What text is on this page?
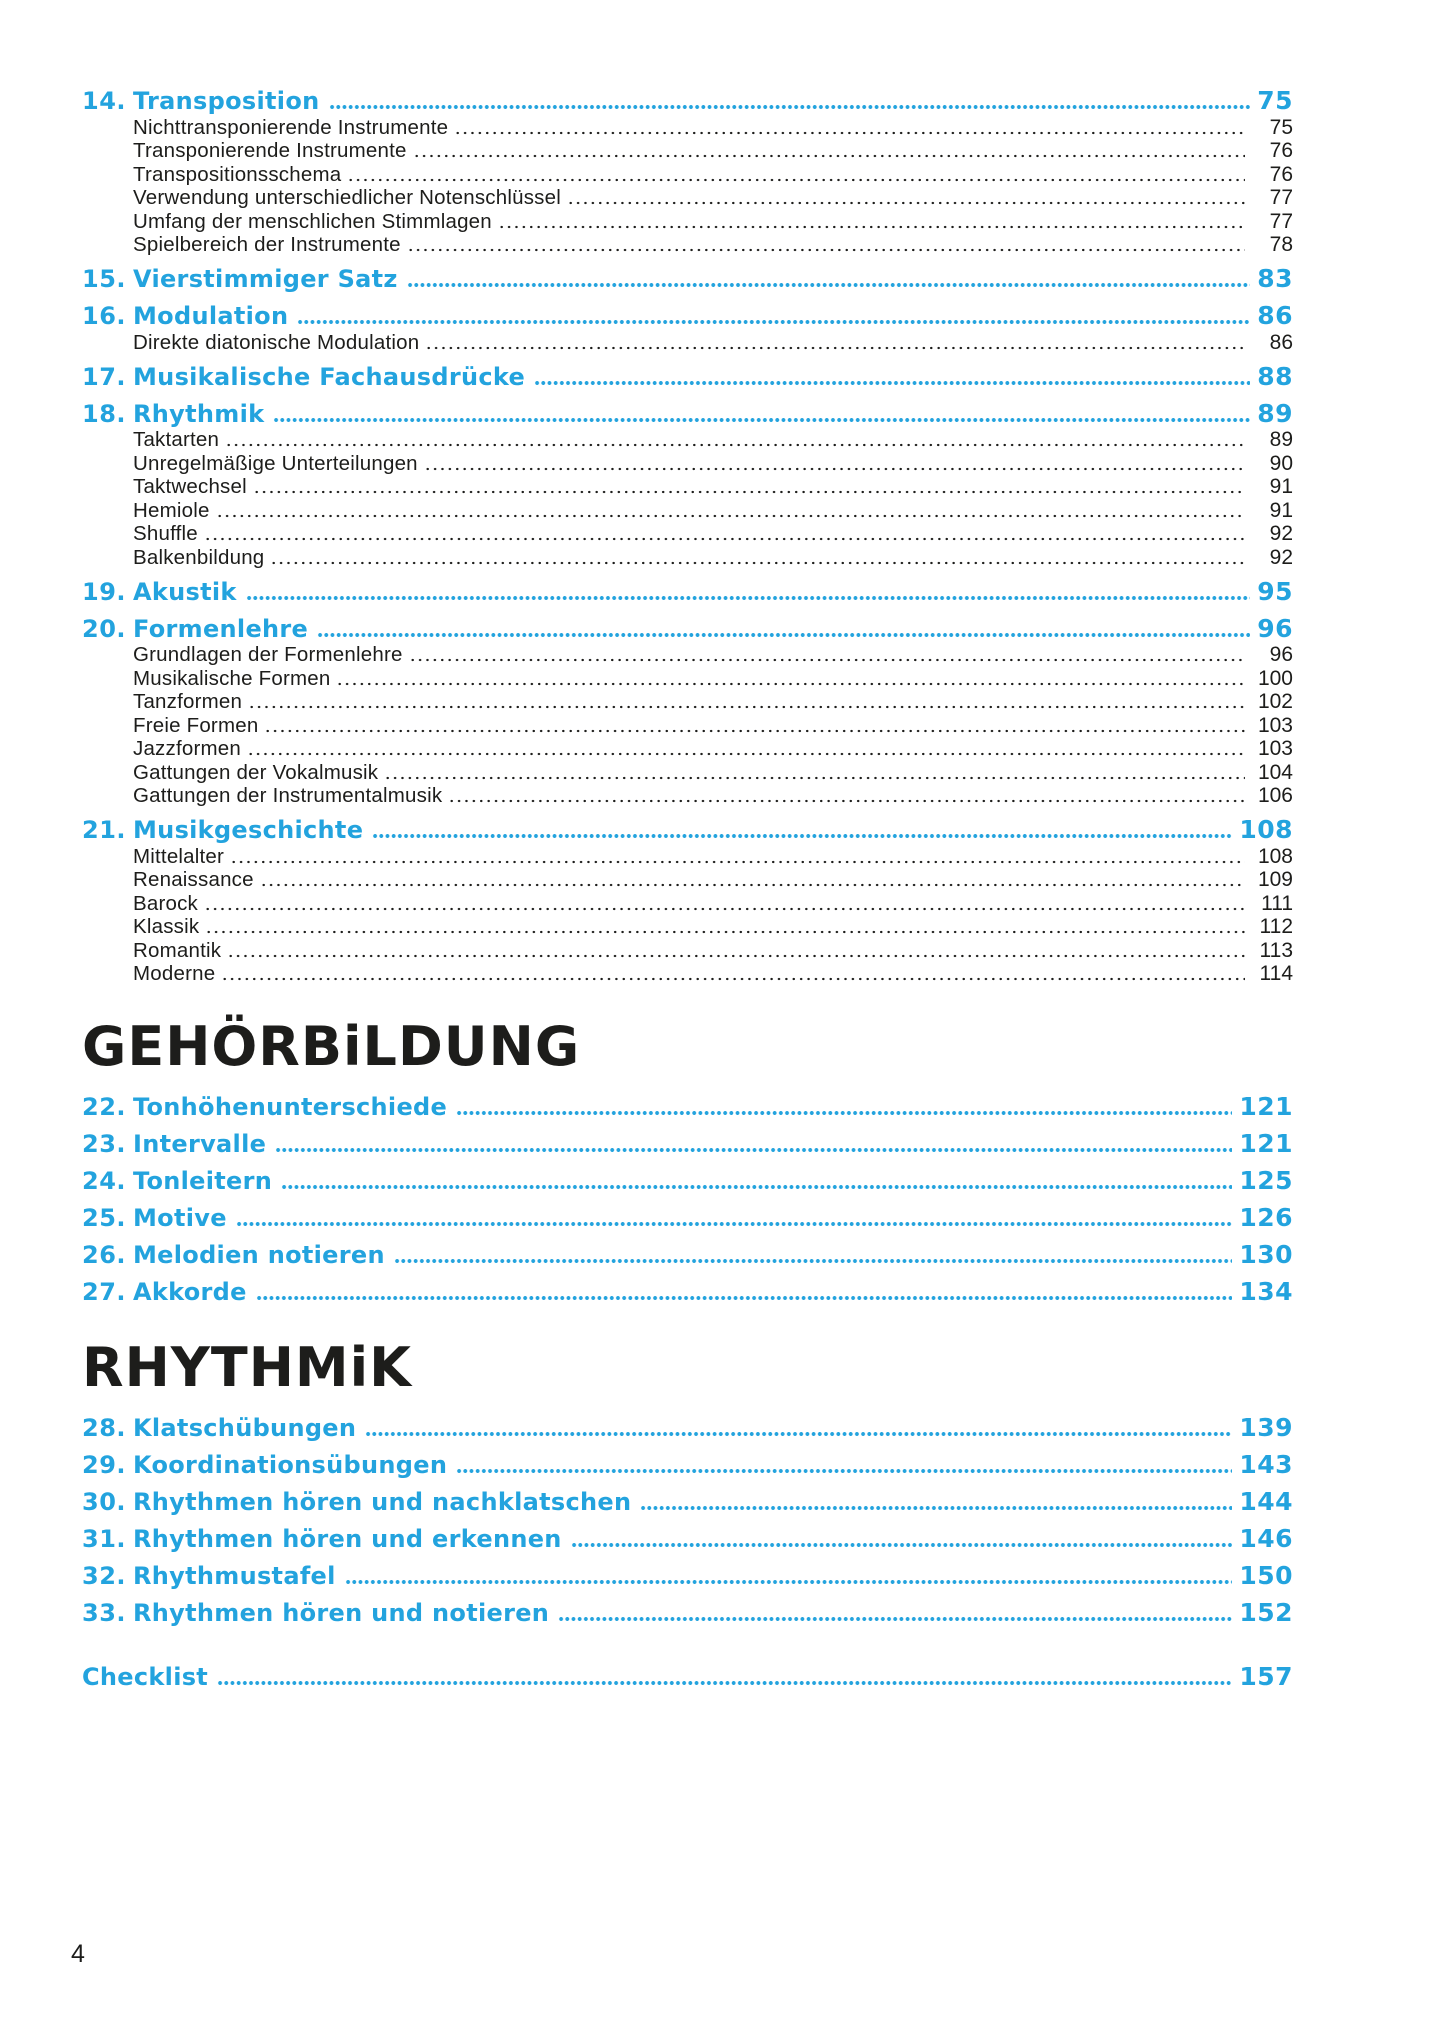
14. Transposition	75
Nichttransponierende Instrumente	75
Transponierende Instrumente	76
Transpositionsschema	76
Verwendung unterschiedlicher Notenschlüssel	77
Umfang der menschlichen Stimmlagen	77
Spielbereich der Instrumente	78
15. Vierstimmiger Satz	83
16. Modulation	86
Direkte diatonische Modulation	86
17. Musikalische Fachausdrücke	88
18. Rhythmik	89
Taktarten	89
Unregelmäßige Unterteilungen	90
Taktwechsel	91
Hemiole	91
Shuffle	92
Balkenbildung	92
19. Akustik	95
20. Formenlehre	96
Grundlagen der Formenlehre	96
Musikalische Formen	100
Tanzformen	102
Freie Formen	103
Jazzformen	103
Gattungen der Vokalmusik	104
Gattungen der Instrumentalmusik	106
21. Musikgeschichte	108
Mittelalter	108
Renaissance	109
Barock	111
Klassik	112
Romantik	113
Moderne	114
GEHÖRBiLDUNG
22. Tonhöhenunterschiede	121
23. Intervalle	121
24. Tonleitern	125
25. Motive	126
26. Melodien notieren	130
27. Akkorde	134
RHYTHMiK
28. Klatschübungen	139
29. Koordinationsübungen	143
30. Rhythmen hören und nachklatschen	144
31. Rhythmen hören und erkennen	146
32. Rhythmustafel	150
33. Rhythmen hören und notieren	152
Checklist	157
4
